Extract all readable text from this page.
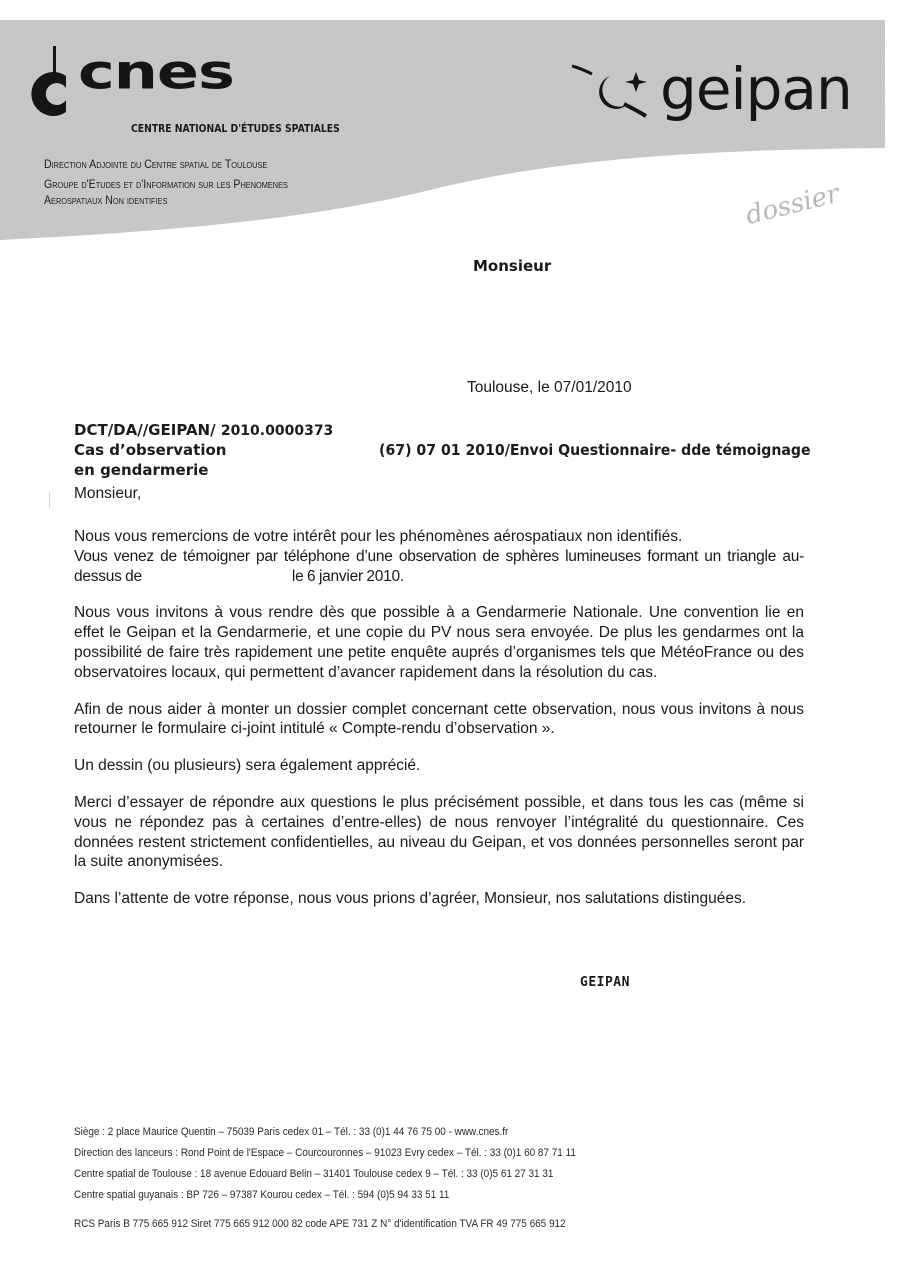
cnes
CENTRE NATIONAL D'ÉTUDES SPATIALES
Direction Adjointe du Centre spatial de Toulouse
Groupe d'Etudes et d'Information sur les Phenomenes
Aerospatiaux Non identifies
geipan
dossier
Monsieur
Toulouse, le 07/01/2010
DCT/DA//GEIPAN/ 2010.0000373
Cas d’observation
en gendarmerie
(67) 07 01 2010/Envoi Questionnaire- dde témoignage
Monsieur,
Nous vous remercions de votre intérêt pour les phénomènes aérospatiaux non identifiés.
Vous venez de témoigner par téléphone d’une observation de sphères lumineuses formant un triangle au-dessus de	le 6 janvier 2010.
Nous vous invitons à vous rendre dès que possible à a Gendarmerie Nationale. Une convention lie en effet le Geipan et la Gendarmerie, et une copie du PV nous sera envoyée. De plus les gendarmes ont la possibilité de faire très rapidement une petite enquête auprés d’organismes tels que MétéoFrance ou des observatoires locaux, qui permettent d’avancer rapidement dans la résolution du cas.
Afin de nous aider à monter un dossier complet concernant cette observation, nous vous invitons à nous retourner le formulaire ci-joint intitulé « Compte-rendu d’observation ».
Un dessin (ou plusieurs) sera également apprécié.
Merci d’essayer de répondre aux questions le plus précisément possible, et dans tous les cas (même si vous ne répondez pas à certaines d’entre-elles) de nous renvoyer l’intégralité du questionnaire. Ces données restent strictement confidentielles, au niveau du Geipan, et vos données personnelles seront par la suite anonymisées.
Dans l’attente de votre réponse, nous vous prions d’agréer, Monsieur, nos salutations distinguées.
GEIPAN
Siège : 2 place Maurice Quentin – 75039 Paris cedex 01 – Tél. : 33 (0)1 44 76 75 00 - www.cnes.fr
Direction des lanceurs : Rond Point de l'Espace – Courcouronnes – 91023 Evry cedex – Tél. : 33 (0)1 60 87 71 11
Centre spatial de Toulouse : 18 avenue Edouard Belin – 31401 Toulouse cedex 9 – Tél. : 33 (0)5 61 27 31 31
Centre spatial guyanais : BP 726 – 97387 Kourou cedex – Tél. : 594 (0)5 94 33 51 11
RCS Paris B 775 665 912 Siret 775 665 912 000 82 code APE 731 Z N° d'identification TVA FR 49 775 665 912
